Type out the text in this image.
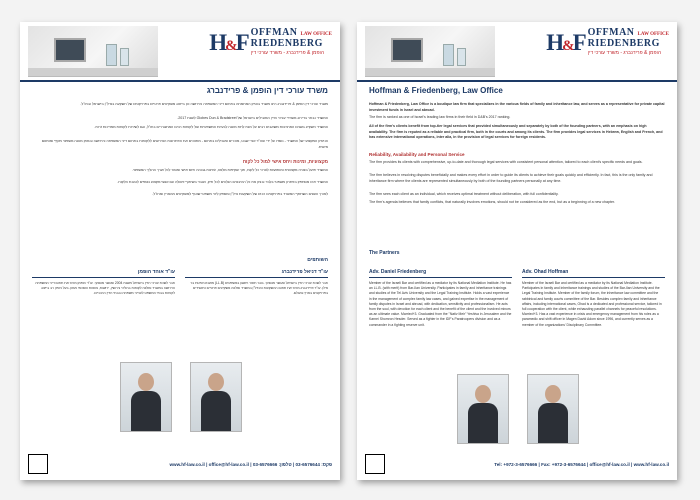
H&F OFFMAN LAW OFFICE
RIEDENBERG
הופמן & פרידנברג - משרד עורכי דין
משרד עורכי דין הופמן & פרידנברג
משרד עורכי דין הופמן & פרידנברג הינו משרד בוטיק המתמחה בתחום דיני המשפחה והירושה וכן בייצוג משקיעים פרטיים בפרויקטים של השקעה בנדל"ן בישראל ובחו"ל.
המשרד נבחר בדירוג משרדי עורכי הדין המובילים בישראל של Globes Dun & Bradstreet לשנת 2017.
המשרד השקיע בשנים האחרונות משאבים רבים על מנת לתת מענה לבעיות המשפטיות של לקוחות רבים המתגוררים בחו"ל, וגם לשירות לקוחות ממדינות זרות.
הניסיון המקצועי של המשרד - נוסדו על ידי עוה"ד אורי שבט, מוכרים ומובילים בתחום - מתווכים את הפתרונות הנדרשים ללקוחות בתחום דיני המשפחה והירושה ובמתן מענה משפטי מקיף ומותאם אישית.
מקצועיות, זמינות ויחס אישי למול כל לקוח
המשרד פועל בצורה מקצועית ומותאמת לצרכי כל לקוח, תוך שקיפות מלאה, זמינות גבוהה ויחס אישי ומסור לכל אורך ההליך המשפטי.
המשרד אינו מסתפק בפתרון משפטי בלבד ובוחן את כל ההיבטים הנלווים לכל תיק, ועובד בשיתוף פעולה עם אנשי מקצוע נוספים לטובת הלקוח.
לאורך השנים השתתף המשרד בפרויקטים רבים של השקעות נדל"ן ומספק ליווי משפטי שוטף למשקיעים מהארץ ומחו"ל.
השותפים
עו"ד אוהד הופמן
חבר לשכת עורכי הדין בישראל משנת 2004 ומגשר מוסמך. עו"ד הופמן מרכז את תחום דיני המשפחה והירושה במשרד ומלווה לקוחות בהליכי גירושין, ירושות, צוואות והסכמי ממון. בעל ניסיון רב בייצוג לקוחות בבתי המשפט לענייני משפחה ובבתי הדין הרבניים.
עו"ד דניאל פרידנברג
חבר לשכת עורכי הדין בישראל ומגשר מוסמך. בוגר תואר ראשון במשפטים (LL.B) מאוניברסיטת בר אילן. עו"ד פרידנברג מרכז את תחום ההשקעות והנדל"ן במשרד ומלווה משקיעים פרטיים ותאגידים בפרויקטים בארץ ובעולם.
www.hf-law.co.il | office@hf-law.co.il | פקס: 03-6576644 | טלפון: 03-6576666
H&F OFFMAN LAW OFFICE
RIEDENBERG
הופמן & פרידנברג - משרד עורכי דין
Hoffman & Friedenberg, Law Office
Hoffman & Friedenberg, Law Office is a boutique law firm that specializes in the various fields of family and inheritance law, and serves as a representative for private capital investment funds in Israel and abroad.
The firm is ranked as one of Israel's leading law firms in their field in D&B's 2017 ranking.
All of the firm's clients benefit from top-tier legal services that provided simultaneously and separately by both of the founding partners, with an emphasis on high availability. The firm is reputed as a reliable and practical firm, both in the courts and among its clients. The firm provides legal services in Hebrew, English and French, and has extensive international operations, inter alia, in the provision of legal services for foreign residents.
Reliability, Availability and Personal Service
The firm provides its clients with comprehensive, up-to-date and thorough legal services with consistent personal attention, tailored to each client's specific needs and goals.
The firm believes in resolving disputes beneficially and makes every effort in order to guide its clients to achieve their goals quickly and efficiently. In fact, this is the only family and inheritance firm where the clients are represented simultaneously by both of the founding partners personally at any time.
The firm sees each client as an individual, which receives optimal treatment without deliberation, with full confidentiality.
The firm's agenda believes that family conflicts, that naturally involves emotions, should not be considered as the end, but as a beginning of a new chapter.
The Partners
Adv. Daniel Friedenberg
Member of the Israeli Bar and certified as a mediator by its National Mediation Institute. He has an LL.B. (with merit) from Bar-Ilan University. Participates in family and inheritance trainings and studies of the Tel Aviv University and the Legal Training Institute. Holds a vast experience in the management of complex family law cases, and gained expertise in the management of family disputes in Israel and abroad, with dedication, sensitivity and professionalism. He acts from the soul, with devotion for each client and the benefit of the client and the involved minors as an ultimate value. Married+3. Graduated from the "Nativ Meir" Yeshiva in Jerusalem and the Karnei Shomron Hesder. Served as a fighter in the IDF's Paratroopers division and as a commander in a fighting reserve unit.
Adv. Ohad Hoffman
Member of the Israeli Bar and certified as a mediator by its National Mediation Institute. Participates in family and inheritance trainings and studies of the Bar-Ilan University and the Legal Training Institute. Member of the family forum, the inheritance law committee and the rabbinical and family courts committee of the Bar. Besides complex family and inheritance affairs, including international cases, Ohad is a dedicated and professional service, tailored in full cooperation with the client, while exhausting parallel channels for peaceful resolutions. Married+3. Has a vast experience in crisis and emergency management from his roles as a paramedic and shift officer in Magen David Adom since 1996, and currently serves as a member of the organizations' Disciplinary Committee.
Tel: +972-3-6576666 | Fax: +972-3-6576644 | office@hf-law.co.il | www.hf-law.co.il
